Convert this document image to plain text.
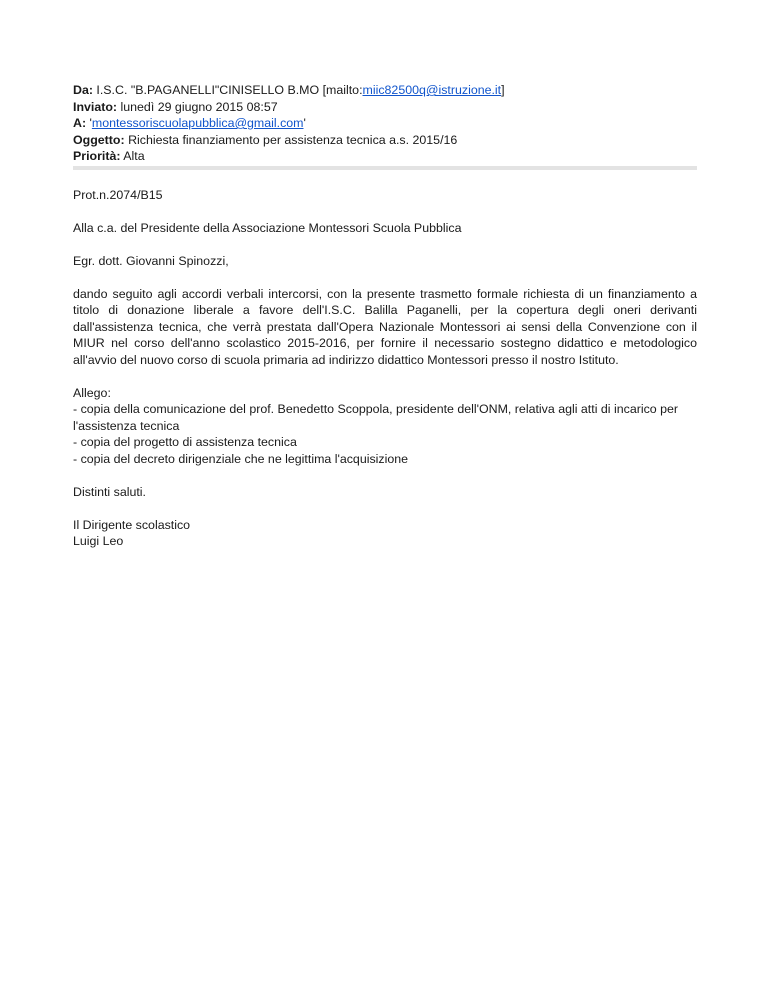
Da: I.S.C. "B.PAGANELLI"CINISELLO B.MO [mailto:miic82500q@istruzione.it]
Inviato: lunedì 29 giugno 2015 08:57
A: 'montessoriscuolapubblica@gmail.com'
Oggetto: Richiesta finanziamento per assistenza tecnica a.s. 2015/16
Priorità: Alta

Prot.n.2074/B15

Alla c.a. del Presidente della Associazione Montessori Scuola Pubblica

Egr. dott. Giovanni Spinozzi,

dando seguito agli accordi verbali intercorsi, con la presente trasmetto formale richiesta di un finanziamento a titolo di donazione liberale a favore dell'I.S.C. Balilla Paganelli, per la copertura degli oneri derivanti dall'assistenza tecnica, che verrà prestata dall'Opera Nazionale Montessori ai sensi della Convenzione con il MIUR nel corso dell'anno scolastico 2015-2016, per fornire il necessario sostegno didattico e metodologico all'avvio del nuovo corso di scuola primaria ad indirizzo didattico Montessori presso il nostro Istituto.

Allego:

- copia della comunicazione del prof. Benedetto Scoppola, presidente dell'ONM, relativa agli atti di incarico per l'assistenza tecnica

- copia del progetto di assistenza tecnica

- copia del decreto dirigenziale che ne legittima l'acquisizione

Distinti saluti.

Il Dirigente scolastico

Luigi Leo
